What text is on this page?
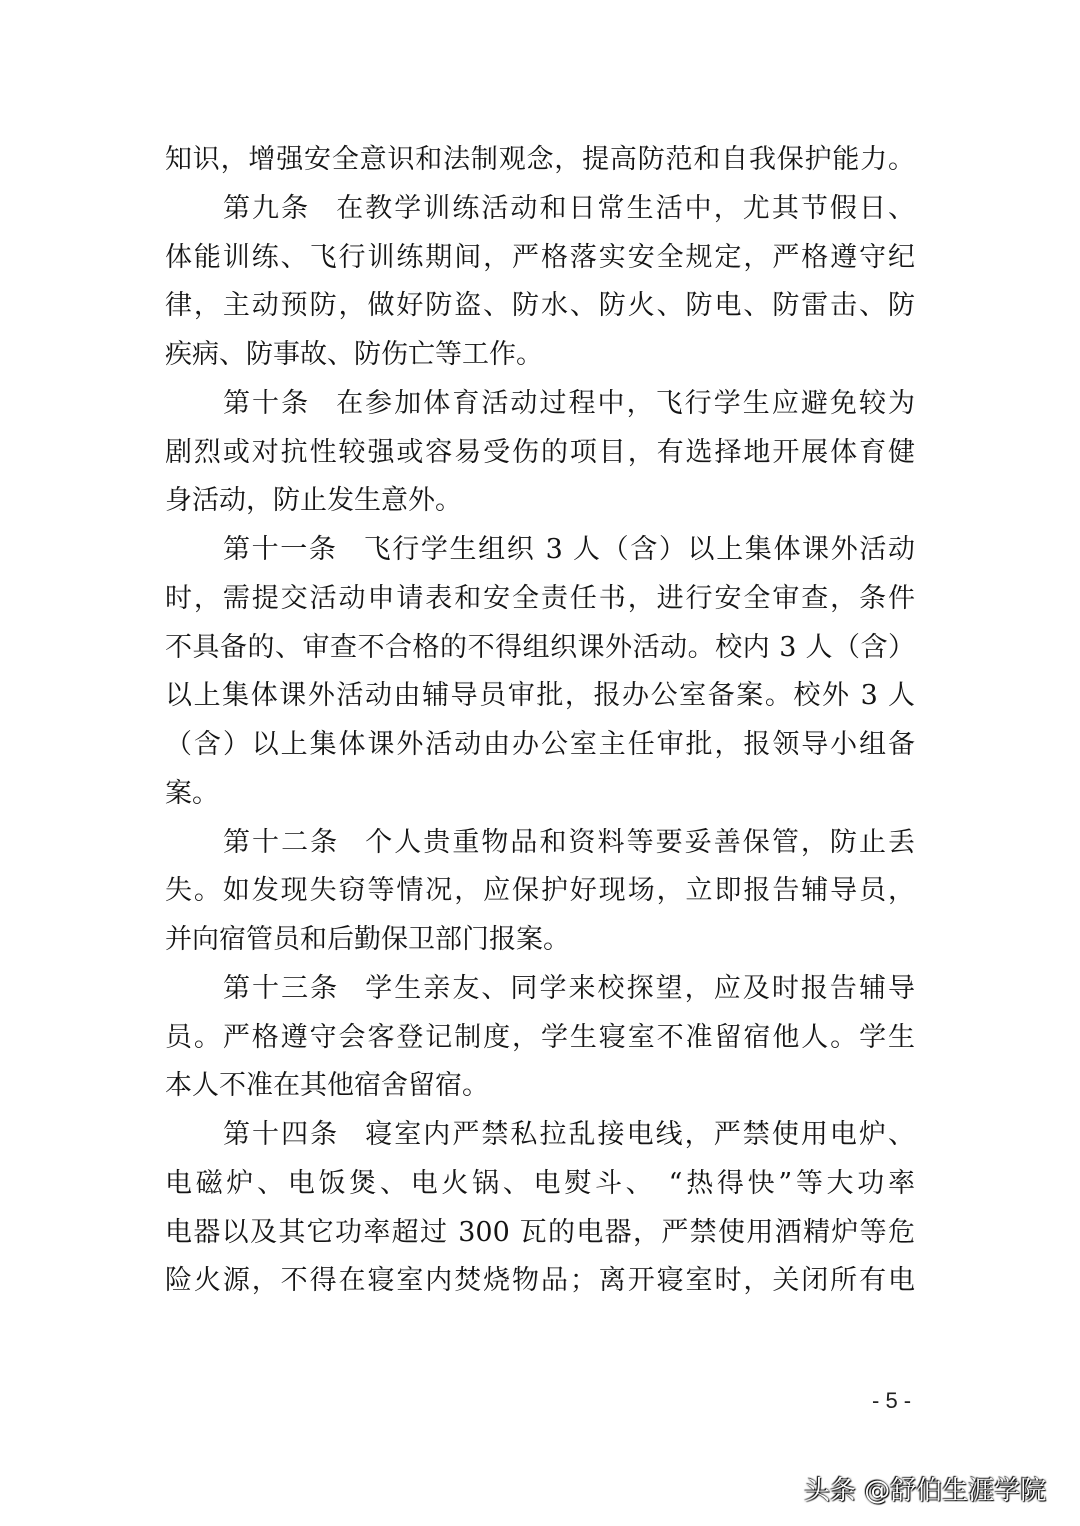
知识，增强安全意识和法制观念，提高防范和自我保护能力。
第九条 在教学训练活动和日常生活中，尤其节假日、
体能训练、飞行训练期间，严格落实安全规定，严格遵守纪
律，主动预防，做好防盗、防水、防火、防电、防雷击、防
疾病、防事故、防伤亡等工作。
第十条 在参加体育活动过程中，飞行学生应避免较为
剧烈或对抗性较强或容易受伤的项目，有选择地开展体育健
身活动，防止发生意外。
第十一条 飞行学生组织 3 人（含）以上集体课外活动
时，需提交活动申请表和安全责任书，进行安全审查，条件
不具备的、审查不合格的不得组织课外活动。校内 3 人（含）
以上集体课外活动由辅导员审批，报办公室备案。校外 3 人
（含）以上集体课外活动由办公室主任审批，报领导小组备
案。
第十二条 个人贵重物品和资料等要妥善保管，防止丢
失。如发现失窃等情况，应保护好现场，立即报告辅导员，
并向宿管员和后勤保卫部门报案。
第十三条 学生亲友、同学来校探望，应及时报告辅导
员。严格遵守会客登记制度，学生寝室不准留宿他人。学生
本人不准在其他宿舍留宿。
第十四条 寝室内严禁私拉乱接电线，严禁使用电炉、
电磁炉、电饭煲、电火锅、电熨斗、 “热得快”等大功率
电器以及其它功率超过 300 瓦的电器，严禁使用酒精炉等危
险火源，不得在寝室内焚烧物品；离开寝室时，关闭所有电
- 5 -
头条 @舒伯生涯学院
